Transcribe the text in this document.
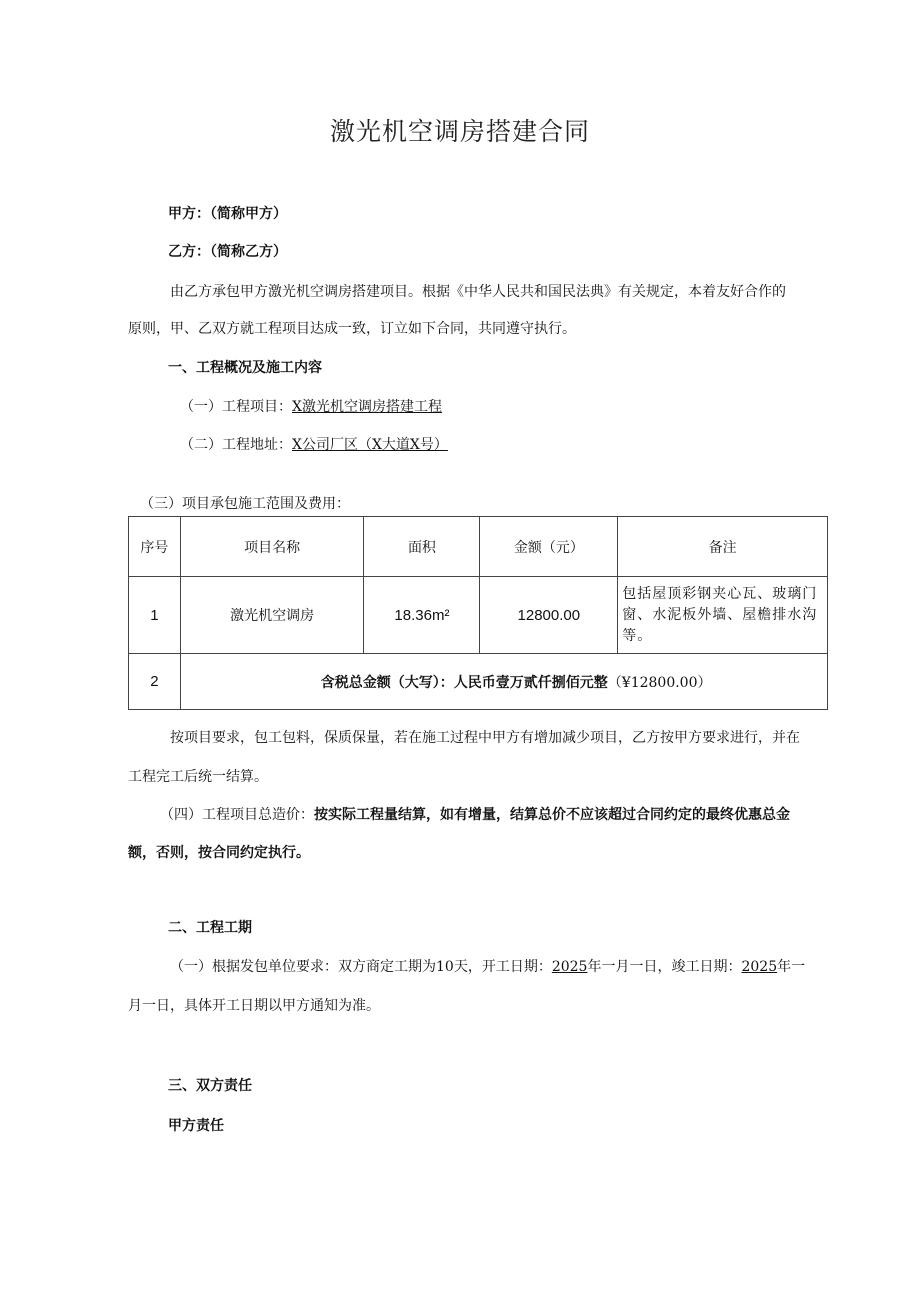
激光机空调房搭建合同
甲方：（简称甲方）
乙方：（简称乙方）
由乙方承包甲方激光机空调房搭建项目。根据《中华人民共和国民法典》有关规定，本着友好合作的
原则，甲、乙双方就工程项目达成一致，订立如下合同，共同遵守执行。
一、工程概况及施工内容
（一）工程项目：X激光机空调房搭建工程
（二）工程地址：X公司厂区（X大道X号）
（三）项目承包施工范围及费用：
序号	项目名称	面积	金额（元）	备注
1	激光机空调房	18.36m²	12800.00	包括屋顶彩钢夹心瓦、玻璃门窗、水泥板外墙、屋檐排水沟等。
2	含税总金额（大写）：人民币壹万贰仟捌佰元整（¥12800.00）			
按项目要求，包工包料，保质保量，若在施工过程中甲方有增加减少项目，乙方按甲方要求进行，并在
工程完工后统一结算。
（四）工程项目总造价：按实际工程量结算，如有增量，结算总价不应该超过合同约定的最终优惠总金
额，否则，按合同约定执行。
二、工程工期
（一）根据发包单位要求：双方商定工期为10天，开工日期：2025年一月一日，竣工日期：2025年一
月一日，具体开工日期以甲方通知为准。
三、双方责任
甲方责任
